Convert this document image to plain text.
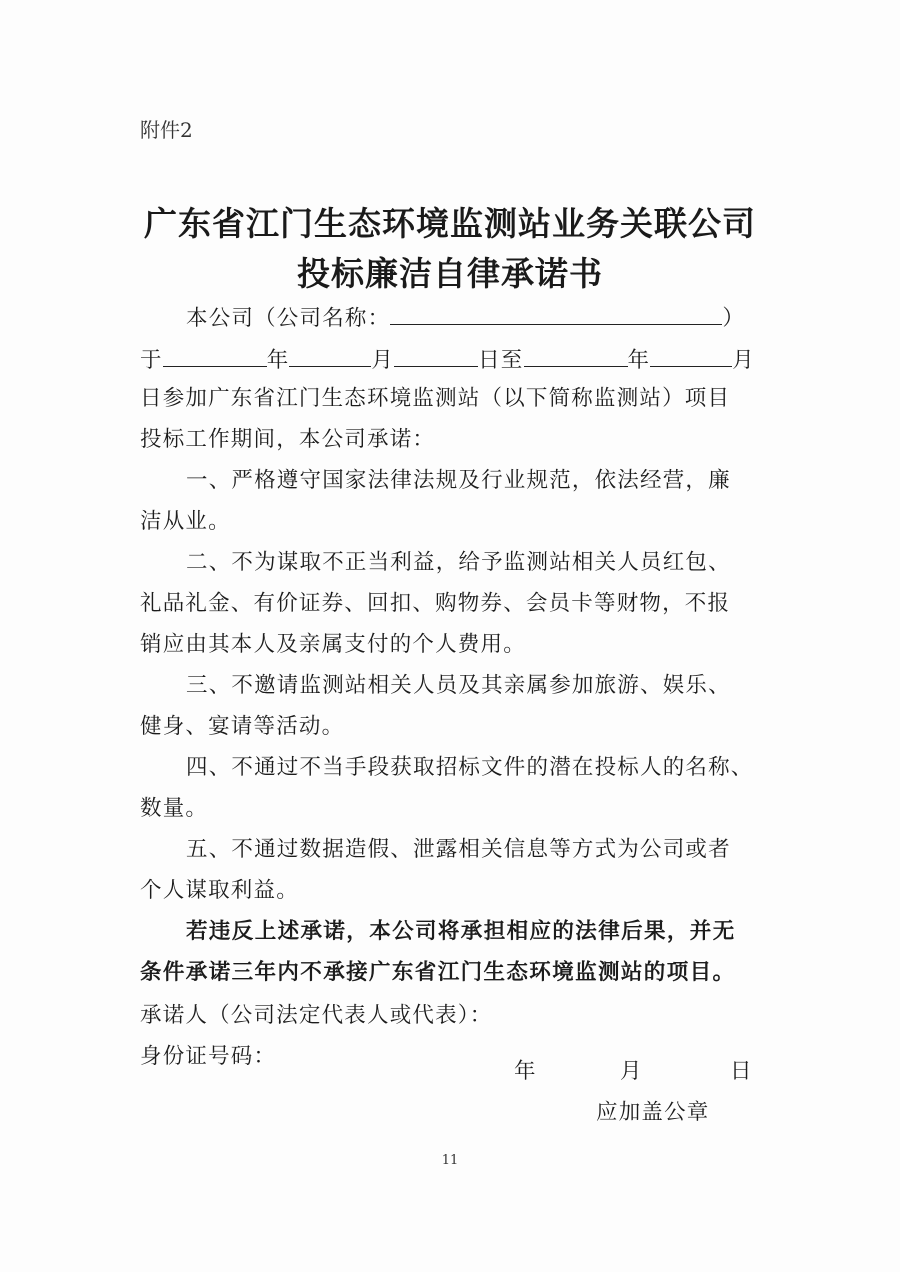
附件2
广东省江门生态环境监测站业务关联公司
投标廉洁自律承诺书
本公司（公司名称：	）
于	年	月	日至	年	月
日参加广东省江门生态环境监测站（以下简称监测站）项目
投标工作期间，本公司承诺：
一、严格遵守国家法律法规及行业规范，依法经营，廉
洁从业。
二、不为谋取不正当利益，给予监测站相关人员红包、
礼品礼金、有价证券、回扣、购物券、会员卡等财物，不报
销应由其本人及亲属支付的个人费用。
三、不邀请监测站相关人员及其亲属参加旅游、娱乐、
健身、宴请等活动。
四、不通过不当手段获取招标文件的潜在投标人的名称、
数量。
五、不通过数据造假、泄露相关信息等方式为公司或者
个人谋取利益。
若违反上述承诺，本公司将承担相应的法律后果，并无
条件承诺三年内不承接广东省江门生态环境监测站的项目。
承诺人（公司法定代表人或代表）：
身份证号码：
年	月	日
应加盖公章
11
